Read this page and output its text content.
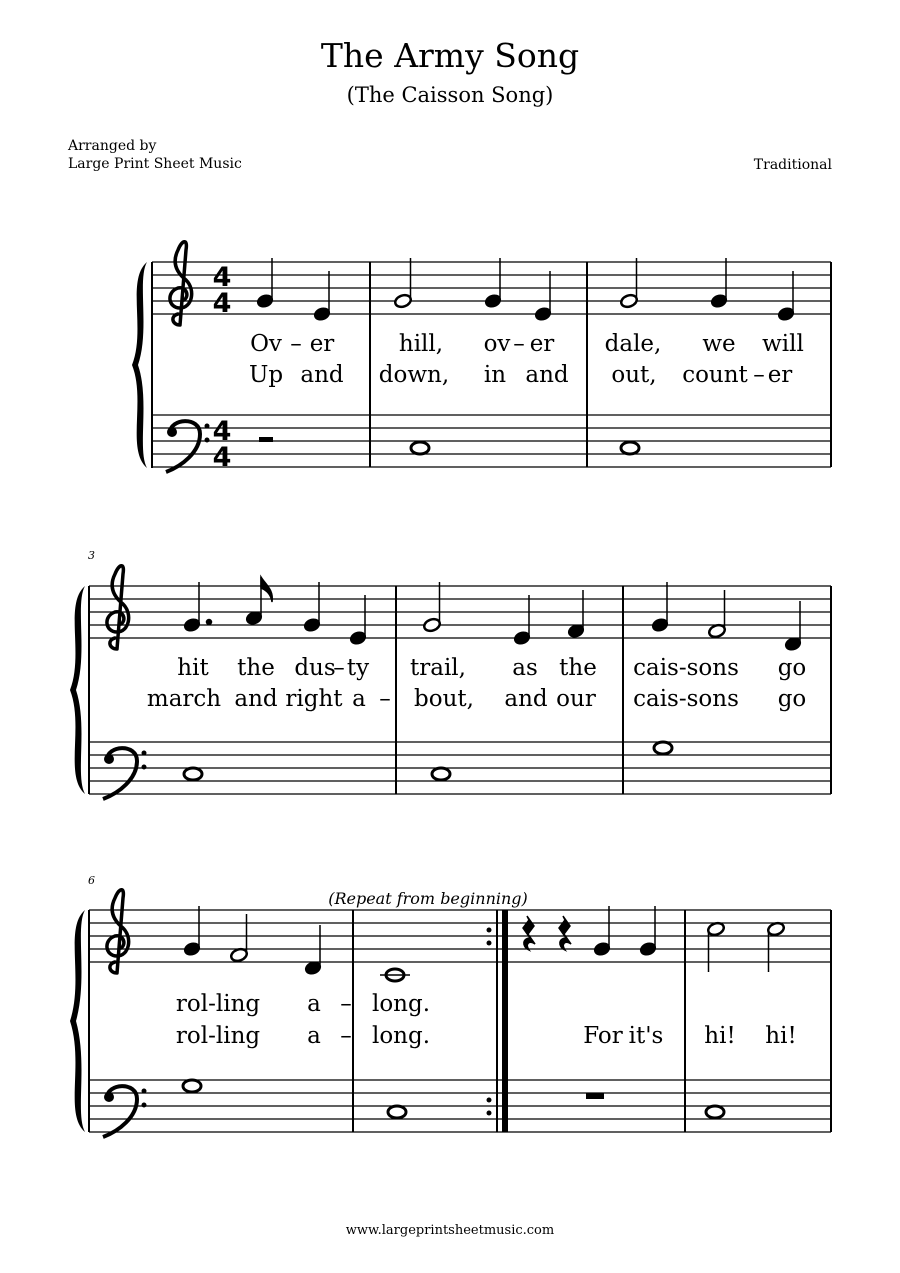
The Army Song
(The Caisson Song)
Arranged by
Large Print Sheet Music	Traditional
www.largeprintsheetmusic.com
4
4
4
4
Ov – er	hill, ov – er dale, we will
Up and down, in and out, count – er
3
hit the dus
– ty trail, as the cais-sons go
march and right a – bout, and our cais-sons go
6
(Repeat from beginning)
rol-ling a – long.
rol-ling a – long.	For it's hi! hi!
